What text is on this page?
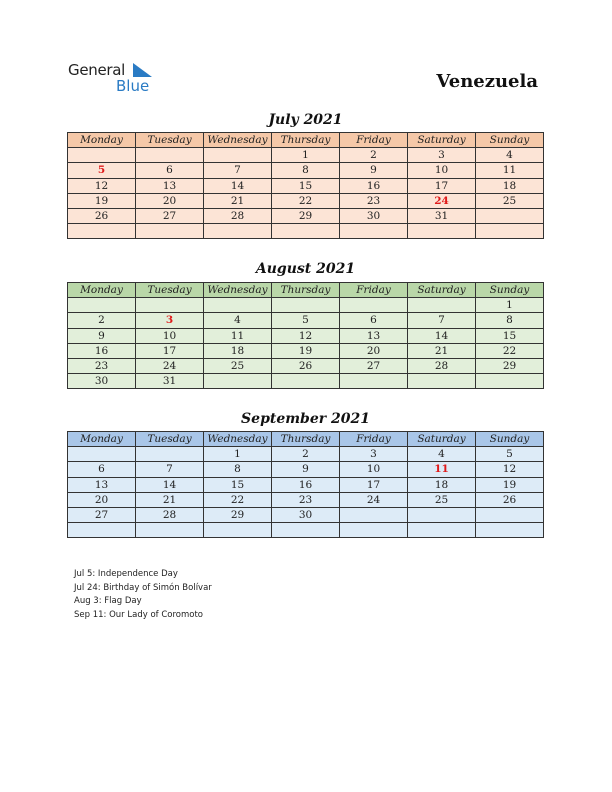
General
Blue	Venezuela
July 2021
Monday	Tuesday	Wednesday	Thursday	Friday	Saturday	Sunday
			1	2	3	4
5	6	7	8	9	10	11
12	13	14	15	16	17	18
19	20	21	22	23	24	25
26	27	28	29	30	31	

August 2021
Monday	Tuesday	Wednesday	Thursday	Friday	Saturday	Sunday
						1
2	3	4	5	6	7	8
9	10	11	12	13	14	15
16	17	18	19	20	21	22
23	24	25	26	27	28	29
30	31					
September 2021
Monday	Tuesday	Wednesday	Thursday	Friday	Saturday	Sunday
		1	2	3	4	5
6	7	8	9	10	11	12
13	14	15	16	17	18	19
20	21	22	23	24	25	26
27	28	29	30			

Jul 5: Independence Day
Jul 24: Birthday of Simón Bolívar
Aug 3: Flag Day
Sep 11: Our Lady of Coromoto
